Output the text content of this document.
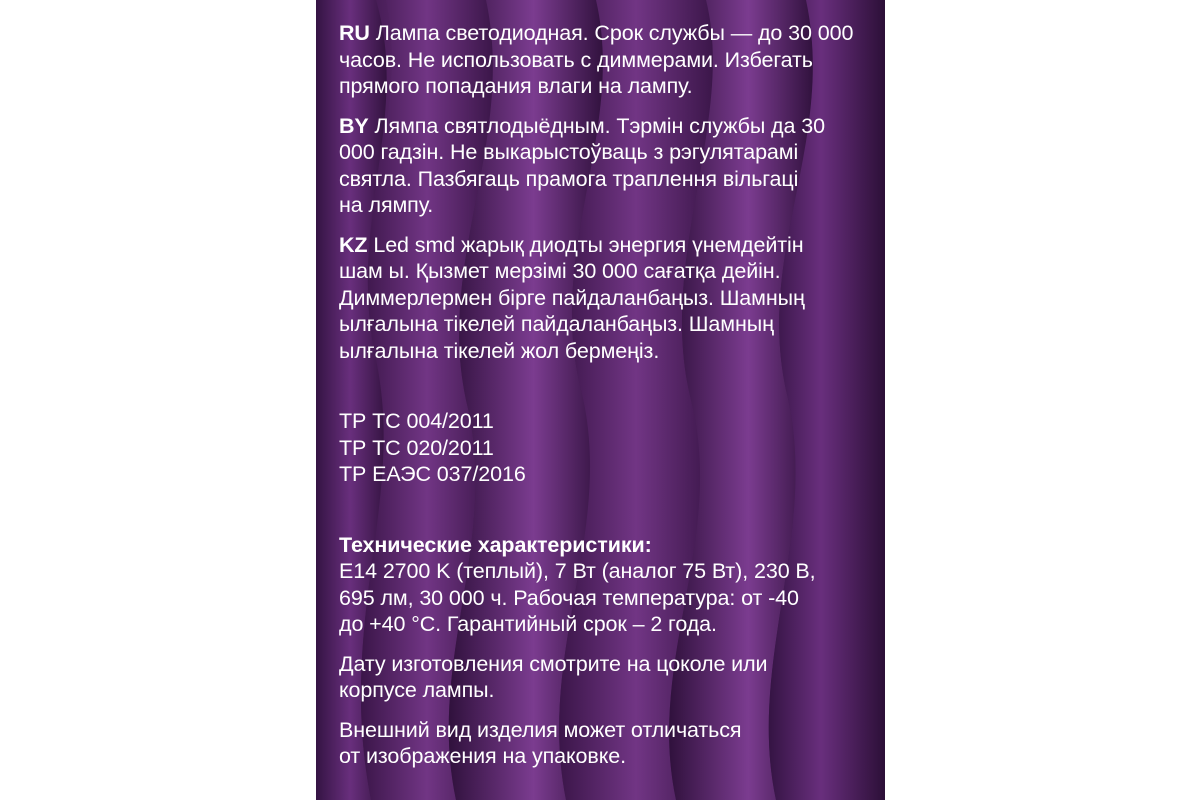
RU Лампа светодиодная. Срок службы — до 30 000
часов. Не использовать с диммерами. Избегать
прямого попадания влаги на лампу.

BY Лямпа святлодыёдным. Тэрмін службы да 30
000 гадзін. Не выкарыстоўваць з рэгулятарамі
святла. Пазбягаць прамога траплення вільгаці
на лямпу.

KZ Led smd жарық диодты энергия үнемдейтін
шам ы. Қызмет мерзімі 30 000 сағатқа дейін.
Диммерлермен бірге пайдаланбаңыз. Шамның
ылғалына тікелей пайдаланбаңыз. Шамның
ылғалына тікелей жол бермеңіз.

ТР ТС 004/2011
ТР ТС 020/2011
ТР ЕАЭС 037/2016

Технические характеристики:
E14 2700 K (теплый), 7 Вт (аналог 75 Вт), 230 В,
695 лм, 30 000 ч. Рабочая температура: от -40
до +40 °С. Гарантийный срок – 2 года.

Дату изготовления смотрите на цоколе или
корпусе лампы.

Внешний вид изделия может отличаться
от изображения на упаковке.
